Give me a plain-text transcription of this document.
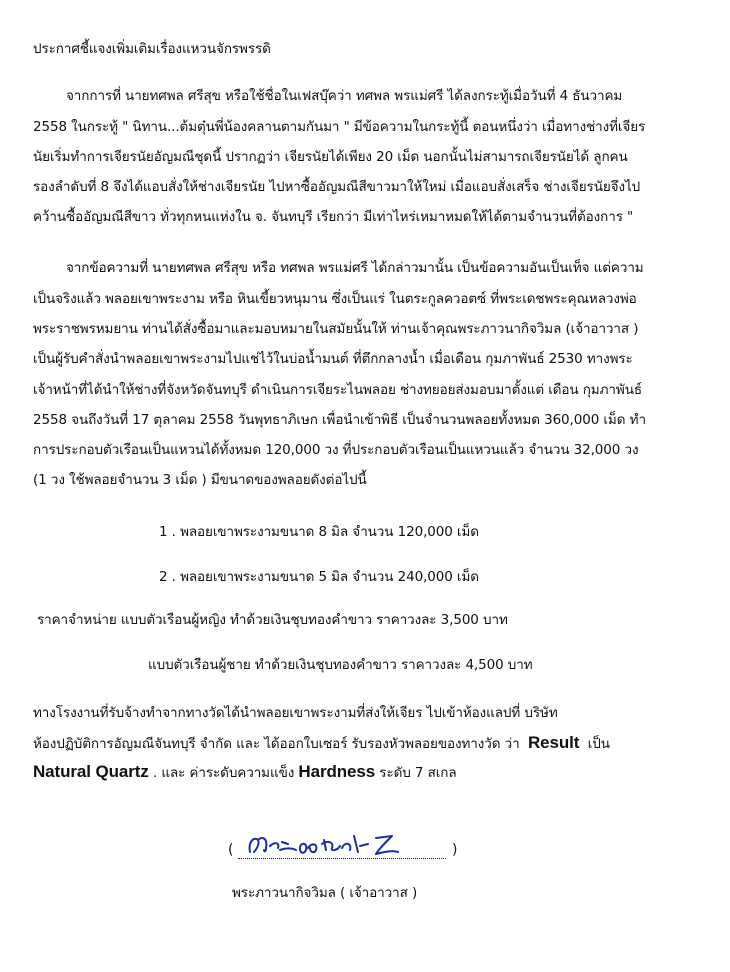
ประกาศชี้แจงเพิ่มเติมเรื่องแหวนจักรพรรดิ
จากการที่ นายทศพล ศรีสุข หรือใช้ชื่อในเฟสบุ๊คว่า ทศพล พรแม่ศรี ได้ลงกระทู้เมื่อวันที่ 4 ธันวาคม
2558 ในกระทู้ " นิทาน...ต้มตุ๋นพี่น้องคลานตามกันมา " มีข้อความในกระทู้นี้ ตอนหนึ่งว่า เมื่อทางช่างที่เจียร
นัยเริ่มทำการเจียรนัยอัญมณีชุดนี้ ปรากฏว่า เจียรนัยได้เพียง 20 เม็ด นอกนั้นไม่สามารถเจียรนัยได้ ลูกคน
รองลำดับที่ 8 จึงได้แอบสั่งให้ช่างเจียรนัย ไปหาซื้ออัญมณีสีขาวมาให้ใหม่ เมื่อแอบสั่งเสร็จ ช่างเจียรนัยจึงไป
คว้านซื้ออัญมณีสีขาว ทั่วทุกหนแห่งใน จ. จันทบุรี เรียกว่า มีเท่าไหร่เหมาหมดให้ได้ตามจำนวนที่ต้องการ "
จากข้อความที่ นายทศพล ศรีสุข หรือ ทศพล พรแม่ศรี ได้กล่าวมานั้น เป็นข้อความอันเป็นเท็จ แต่ความ
เป็นจริงแล้ว พลอยเขาพระงาม หรือ หินเขี้ยวหนุมาน ซึ่งเป็นแร่ ในตระกูลควอตซ์ ที่พระเดชพระคุณหลวงพ่อ
พระราชพรหมยาน ท่านได้สั่งซื้อมาและมอบหมายในสมัยนั้นให้ ท่านเจ้าคุณพระภาวนากิจวิมล (เจ้าอาวาส )
เป็นผู้รับคำสั่งนำพลอยเขาพระงามไปแช่ไว้ในบ่อน้ำมนต์ ที่ตึกกลางน้ำ เมื่อเดือน กุมภาพันธ์ 2530 ทางพระ
เจ้าหน้าที่ได้นำให้ช่างที่จังหวัดจันทบุรี ดำเนินการเจียระไนพลอย ช่างทยอยส่งมอบมาตั้งแต่ เดือน กุมภาพันธ์
2558 จนถึงวันที่ 17 ตุลาคม 2558 วันพุทธาภิเษก เพื่อนำเข้าพิธี เป็นจำนวนพลอยทั้งหมด 360,000 เม็ด ทำ
การประกอบตัวเรือนเป็นแหวนได้ทั้งหมด 120,000 วง ที่ประกอบตัวเรือนเป็นแหวนแล้ว จำนวน 32,000 วง
(1 วง ใช้พลอยจำนวน 3 เม็ด ) มีขนาดของพลอยดังต่อไปนี้
1 . พลอยเขาพระงามขนาด 8 มิล จำนวน 120,000 เม็ด
2 . พลอยเขาพระงามขนาด 5 มิล จำนวน 240,000 เม็ด
ราคาจำหน่าย แบบตัวเรือนผู้หญิง ทำด้วยเงินชุบทองคำขาว ราคาวงละ 3,500 บาท
แบบตัวเรือนผู้ชาย ทำด้วยเงินชุบทองคำขาว ราคาวงละ 4,500 บาท
ทางโรงงานที่รับจ้างทำจากทางวัดได้นำพลอยเขาพระงามที่ส่งให้เจียร ไปเข้าห้องแลปที่ บริษัท
ห้องปฏิบัติการอัญมณีจันทบุรี จำกัด และ ได้ออกใบเซอร์ รับรองหัวพลอยของทางวัด ว่า Result เป็น
Natural Quartz . และ ค่าระดับความแข็ง Hardness ระดับ 7 สเกล
(	)
พระภาวนากิจวิมล ( เจ้าอาวาส )
